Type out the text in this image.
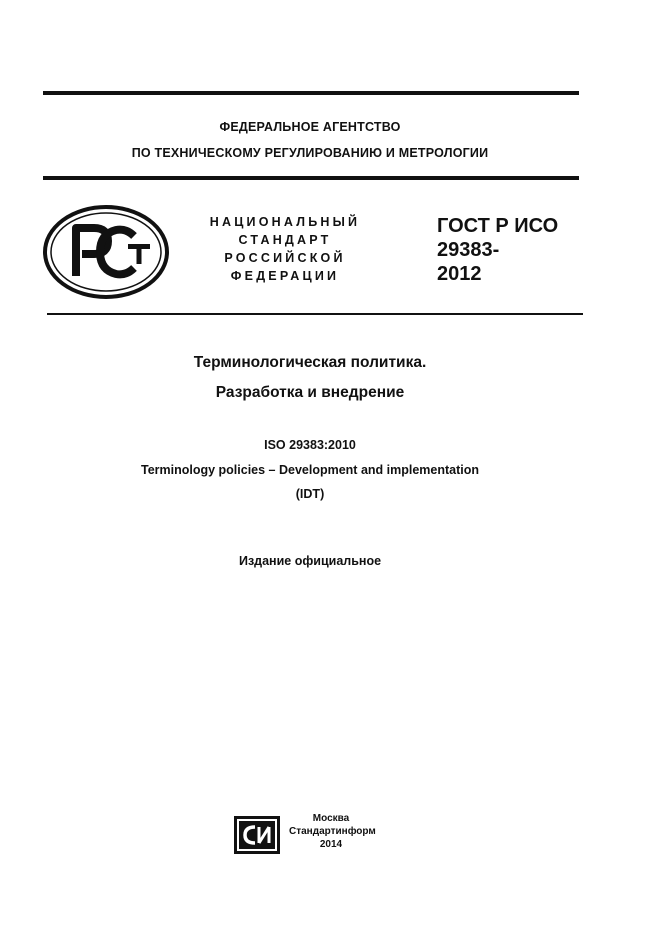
ФЕДЕРАЛЬНОЕ АГЕНТСТВО
ПО ТЕХНИЧЕСКОМУ РЕГУЛИРОВАНИЮ И МЕТРОЛОГИИ
НАЦИОНАЛЬНЫЙ
СТАНДАРТ
РОССИЙСКОЙ
ФЕДЕРАЦИИ
ГОСТ Р ИСО
29383-
2012
Терминологическая политика.
Разработка и внедрение
ISO 29383:2010
Terminology policies – Development and implementation
(IDT)
Издание официальное
Москва
Стандартинформ
2014
